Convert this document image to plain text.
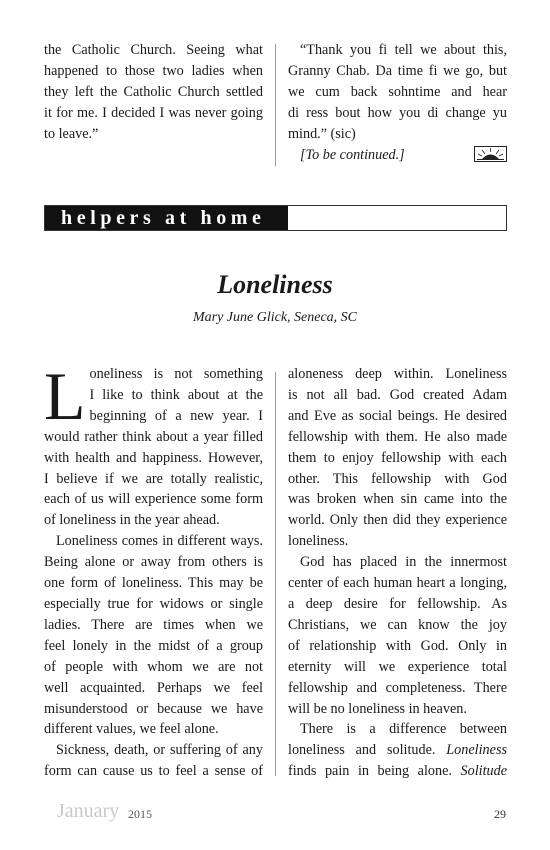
the Catholic Church. Seeing what
happened to those two ladies when
they left the Catholic Church settled
it for me. I decided I was never going
to leave.”
“Thank you fi tell we about this,
Granny Chab. Da time fi we go, but
we cum back sohntime and hear
di ress bout how you di change yu
mind.” (sic)
[To be continued.]
helpers at home
Loneliness
Mary June Glick, Seneca, SC
L oneliness is not something
I like to think about at the
beginning of a new year. I
would rather think about a year filled
with health and happiness. However,
I believe if we are totally realistic,
each of us will experience some form
of loneliness in the year ahead.
Loneliness comes in different ways.
Being alone or away from others is
one form of loneliness. This may be
especially true for widows or single
ladies. There are times when we
feel lonely in the midst of a group
of people with whom we are not
well acquainted. Perhaps we feel
misunderstood or because we have
different values, we feel alone.
Sickness, death, or suffering of any
form can cause us to feel a sense of
aloneness deep within. Loneliness
is not all bad. God created Adam
and Eve as social beings. He desired
fellowship with them. He also made
them to enjoy fellowship with each
other. This fellowship with God
was broken when sin came into the
world. Only then did they experience
loneliness.
God has placed in the innermost
center of each human heart a longing,
a deep desire for fellowship. As
Christians, we can know the joy
of relationship with God. Only in
eternity will we experience total
fellowship and completeness. There
will be no loneliness in heaven.
There is a difference between
loneliness and solitude. Loneliness
finds pain in being alone. Solitude
January 2015	29
